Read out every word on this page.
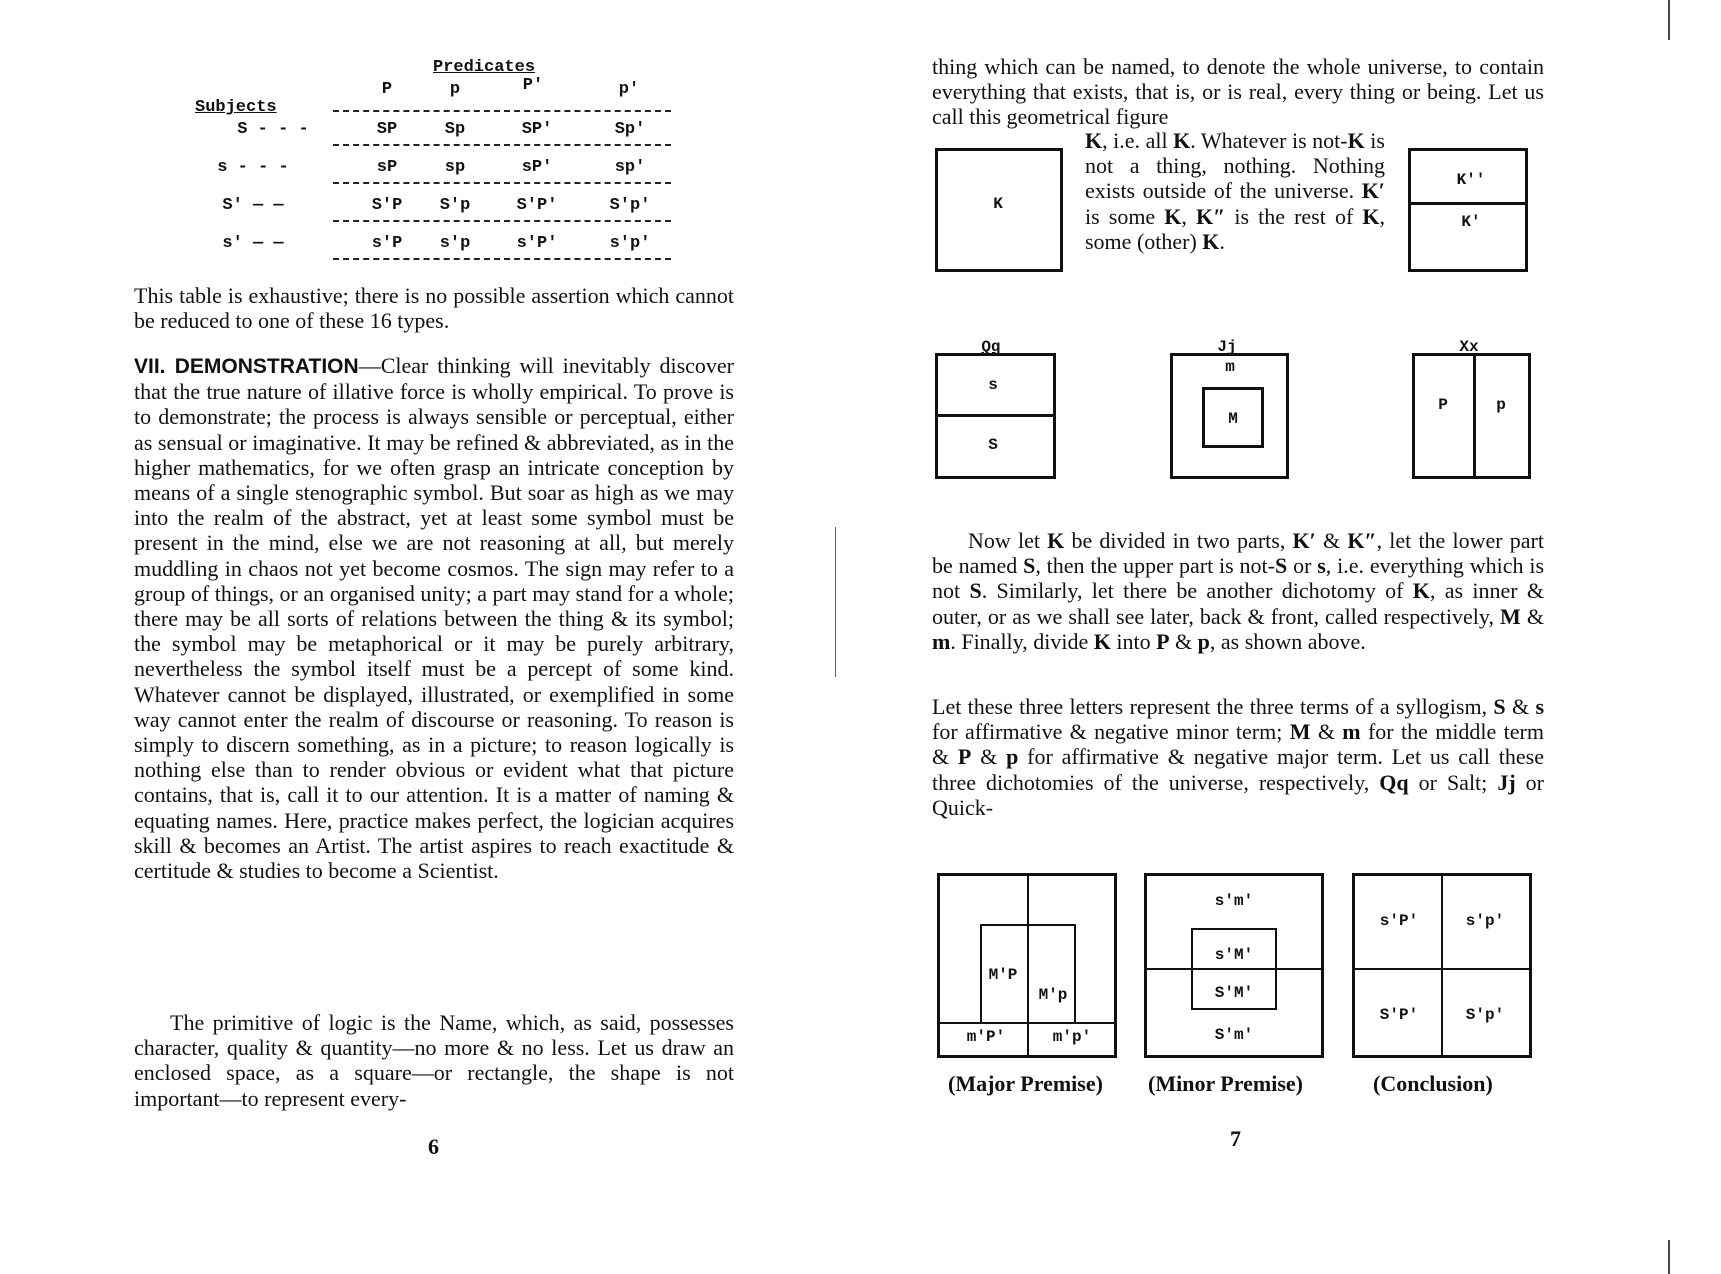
Predicates
Subjects
P	p	P'	p'
S - - -	SP	Sp	SP'	Sp'
s - - -	sP	sp	sP'	sp'
S' — —	S'P	S'p	S'P'	S'p'
s' — —	s'P	s'p	s'P'	s'p'

This table is exhaustive; there is no possible assertion which cannot be reduced to one of these 16 types.

VII. DEMONSTRATION—Clear thinking will inevitably discover that the true nature of illative force is wholly empirical. To prove is to demonstrate; the process is always sensible or perceptual, either as sensual or imaginative. It may be refined & abbreviated, as in the higher mathematics, for we often grasp an intricate conception by means of a single stenographic symbol. But soar as high as we may into the realm of the abstract, yet at least some symbol must be present in the mind, else we are not reasoning at all, but merely muddling in chaos not yet become cosmos. The sign may refer to a group of things, or an organised unity; a part may stand for a whole; there may be all sorts of relations between the thing & its symbol; the symbol may be metaphorical or it may be purely arbitrary, nevertheless the symbol itself must be a percept of some kind. Whatever cannot be displayed, illustrated, or exemplified in some way cannot enter the realm of discourse or reasoning. To reason is simply to discern something, as in a picture; to reason logically is nothing else than to render obvious or evident what that picture contains, that is, call it to our attention. It is a matter of naming & equating names. Here, practice makes perfect, the logician acquires skill & becomes an Artist. The artist aspires to reach exactitude & certitude & studies to become a Scientist.

The primitive of logic is the Name, which, as said, possesses character, quality & quantity—no more & no less. Let us draw an enclosed space, as a square—or rectangle, the shape is not important—to represent every-

6

thing which can be named, to denote the whole universe, to contain everything that exists, that is, or is real, every thing or being. Let us call this geometrical figure

K

K, i.e. all K. Whatever is not-K is not a thing, nothing. Nothing exists outside of the universe. K′ is some K, K″ is the rest of K, some (other) K.

K''
K'
Qq
s
S
Jj
m
M
Xx
P	p

Now let K be divided in two parts, K′ & K″, let the lower part be named S, then the upper part is not-S or s, i.e. everything which is not S. Similarly, let there be another dichotomy of K, as inner & outer, or as we shall see later, back & front, called respectively, M & m. Finally, divide K into P & p, as shown above.

Let these three letters represent the three terms of a syllogism, S & s for affirmative & negative minor term; M & m for the middle term & P & p for affirmative & negative major term. Let us call these three dichotomies of the universe, respectively, Qq or Salt; Jj or Quick-

M'P
M'p
m'P'	m'p'
(Major Premise)
s'm'
s'M'
S'M'
S'm'
(Minor Premise)
s'P'	s'p'
S'P'	S'p'
(Conclusion)
7
